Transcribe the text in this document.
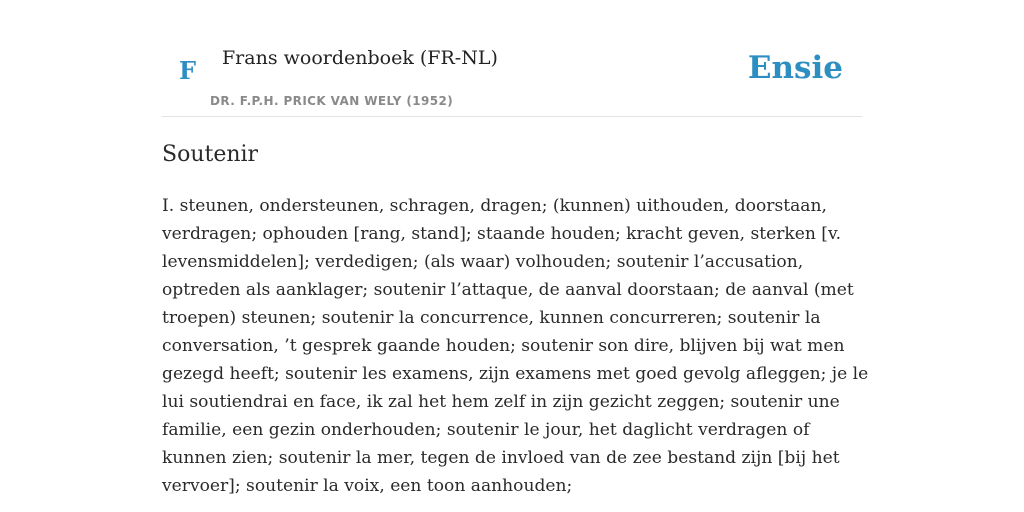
F Frans woordenboek (FR-NL)
DR. F.P.H. PRICK VAN WELY (1952)
Ensie
Soutenir

I. steunen, ondersteunen, schragen, dragen; (kunnen) uithouden, doorstaan, verdragen; ophouden [rang, stand]; staande houden; kracht geven, sterken [v. levensmiddelen]; verdedigen; (als waar) volhouden; soutenir l’accusation, optreden als aanklager; soutenir l’attaque, de aanval doorstaan; de aanval (met troepen) steunen; soutenir la concurrence, kunnen concurreren; soutenir la conversation, ’t gesprek gaande houden; soutenir son dire, blijven bij wat men gezegd heeft; soutenir les examens, zijn examens met goed gevolg afleggen; je le lui soutiendrai en face, ik zal het hem zelf in zijn gezicht zeggen; soutenir une familie, een gezin onderhouden; soutenir le jour, het daglicht verdragen of kunnen zien; soutenir la mer, tegen de invloed van de zee bestand zijn [bij het vervoer]; soutenir la voix, een toon aanhouden;
